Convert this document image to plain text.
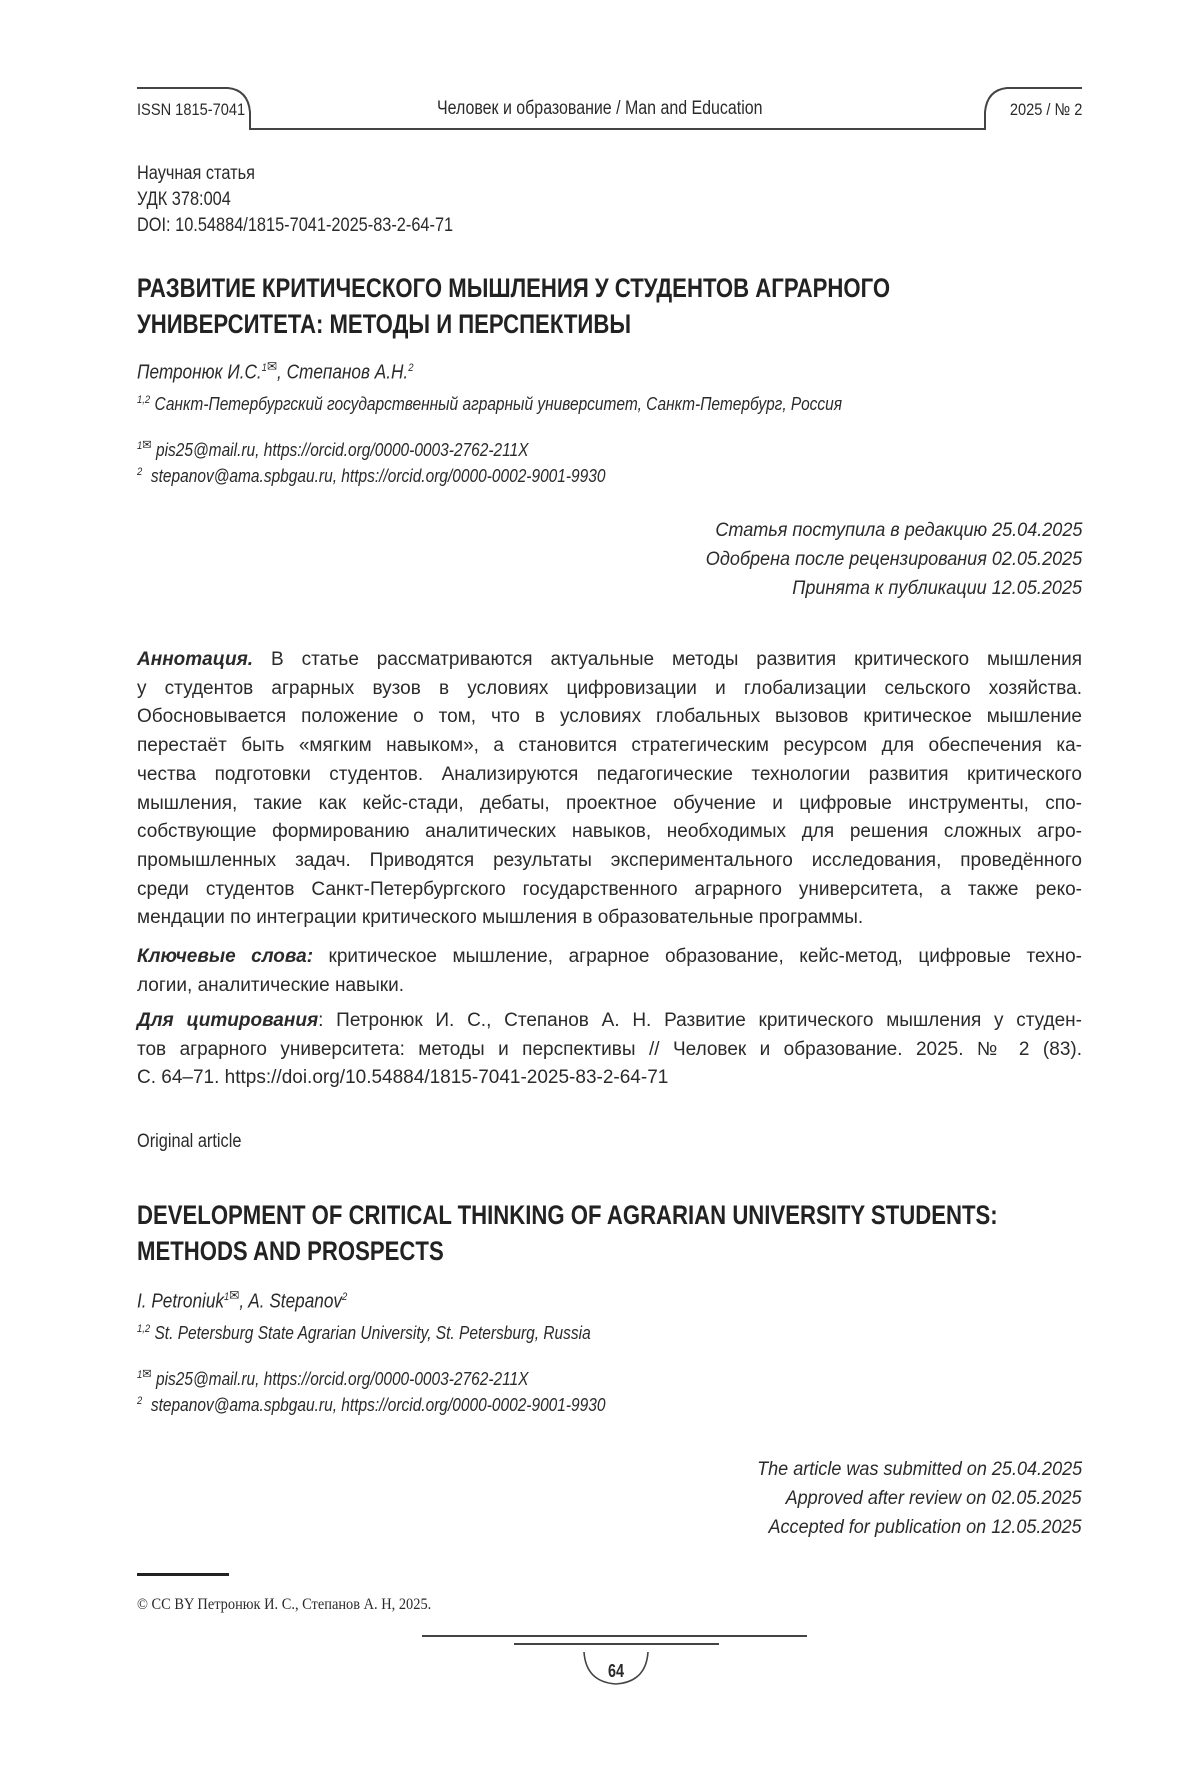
ISSN 1815-7041	Человек и образование / Man and Education	2025 / № 2
Научная статья
УДК 378:004
DOI: 10.54884/1815-7041-2025-83-2-64-71
РАЗВИТИЕ КРИТИЧЕСКОГО МЫШЛЕНИЯ У СТУДЕНТОВ АГРАРНОГО
УНИВЕРСИТЕТА: МЕТОДЫ И ПЕРСПЕКТИВЫ
Петронюк И.С.1✉, Степанов А.Н.2
1,2 Санкт-Петербургский государственный аграрный университет, Санкт-Петербург, Россия
1✉ pis25@mail.ru, https://orcid.org/0000-0003-2762-211X
2 stepanov@ama.spbgau.ru, https://orcid.org/0000-0002-9001-9930
Статья поступила в редакцию 25.04.2025
Одобрена после рецензирования 02.05.2025
Принята к публикации 12.05.2025
Аннотация. В статье рассматриваются актуальные методы развития критического мышления
у студентов аграрных вузов в условиях цифровизации и глобализации сельского хозяйства.
Обосновывается положение о том, что в условиях глобальных вызовов критическое мышление
перестаёт быть «мягким навыком», а становится стратегическим ресурсом для обеспечения ка-
чества подготовки студентов. Анализируются педагогические технологии развития критического
мышления, такие как кейс-стади, дебаты, проектное обучение и цифровые инструменты, спо-
собствующие формированию аналитических навыков, необходимых для решения сложных агро-
промышленных задач. Приводятся результаты экспериментального исследования, проведённого
среди студентов Санкт-Петербургского государственного аграрного университета, а также реко-
мендации по интеграции критического мышления в образовательные программы.
Ключевые слова: критическое мышление, аграрное образование, кейс-метод, цифровые техно-
логии, аналитические навыки.
Для цитирования: Петронюк И. С., Степанов А. Н. Развитие критического мышления у студен-
тов аграрного университета: методы и перспективы // Человек и образование. 2025. № 2 (83).
С. 64–71. https://doi.org/10.54884/1815-7041-2025-83-2-64-71
Original article
DEVELOPMENT OF CRITICAL THINKING OF AGRARIAN UNIVERSITY STUDENTS:
METHODS AND PROSPECTS
I. Petroniuk1✉, A. Stepanov2
1,2 St. Petersburg State Agrarian University, St. Petersburg, Russia
1✉ pis25@mail.ru, https://orcid.org/0000-0003-2762-211X
2 stepanov@ama.spbgau.ru, https://orcid.org/0000-0002-9001-9930
The article was submitted on 25.04.2025
Approved after review on 02.05.2025
Accepted for publication on 12.05.2025
© CC BY Петронюк И. С., Степанов А. Н, 2025.
64
